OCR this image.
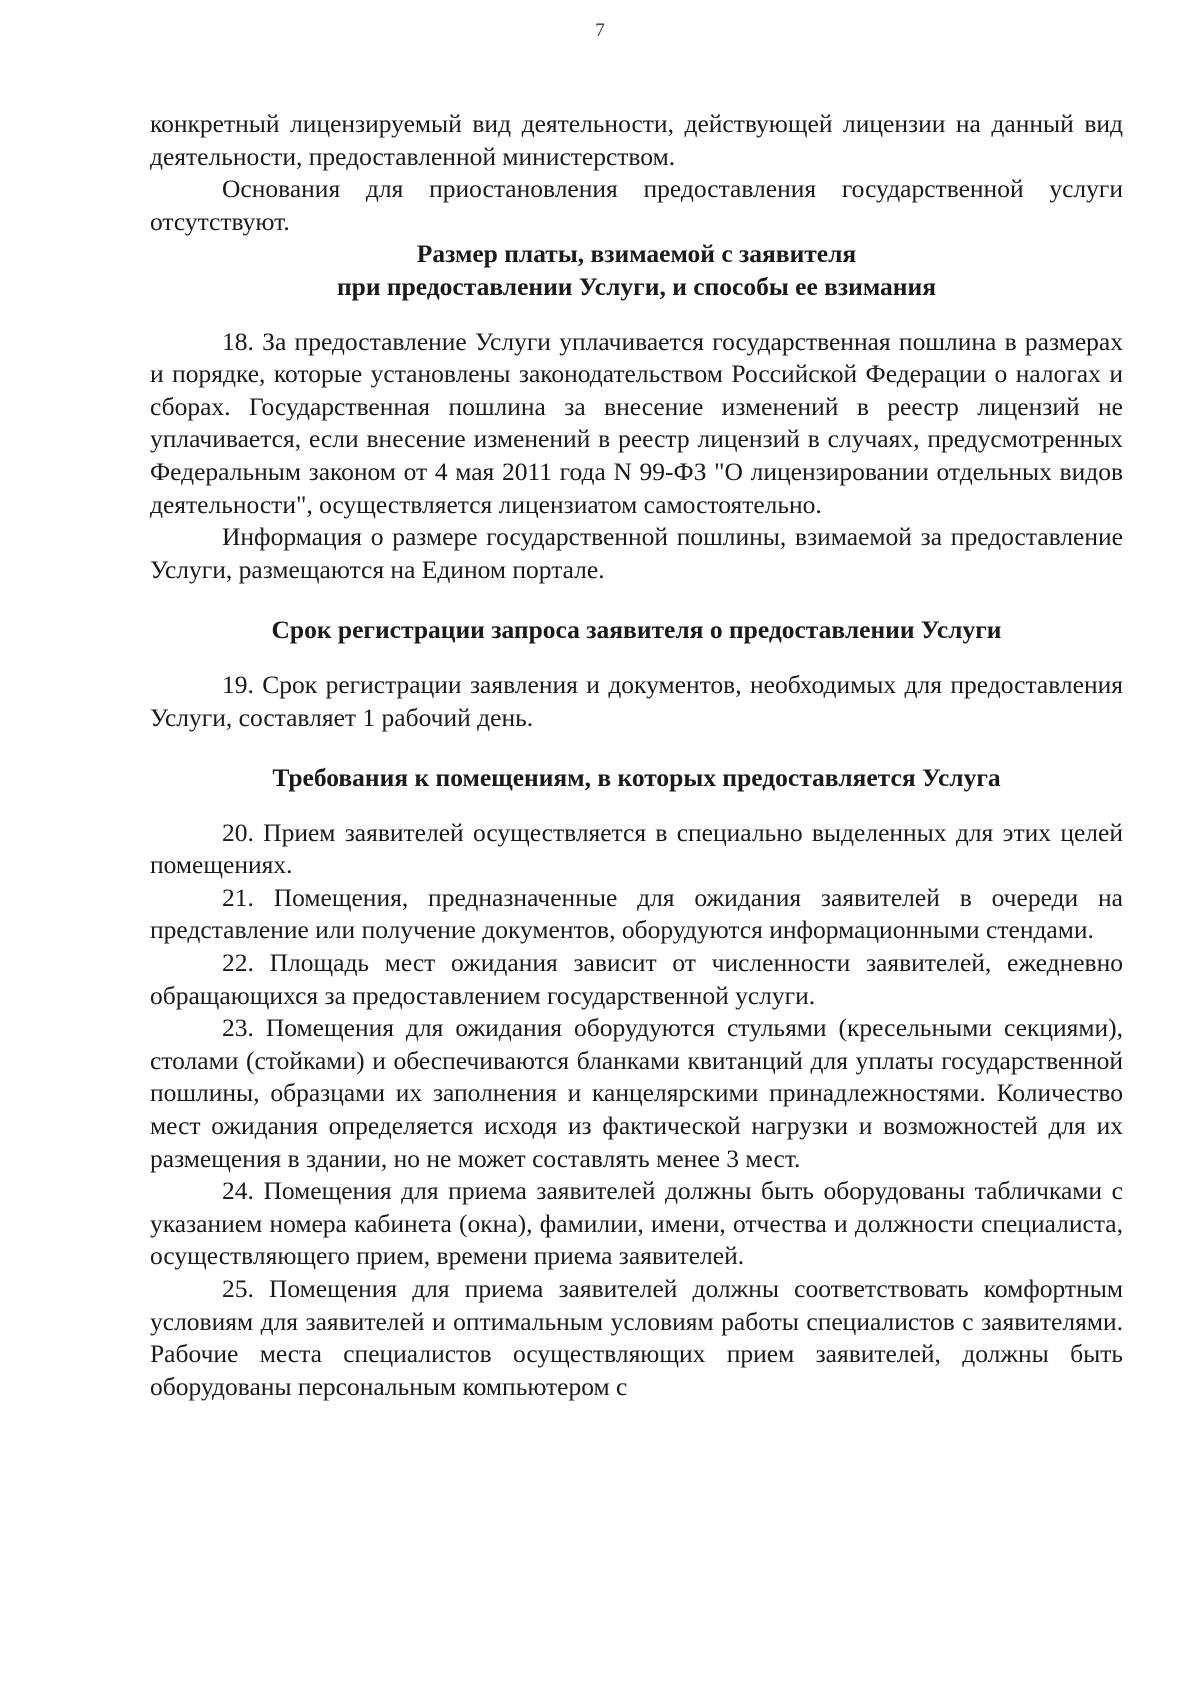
7

конкретный лицензируемый вид деятельности, действующей лицензии на данный вид деятельности, предоставленной министерством.

Основания для приостановления предоставления государственной услуги отсутствуют.

Размер платы, взимаемой с заявителя

при предоставлении Услуги, и способы ее взимания

18. За предоставление Услуги уплачивается государственная пошлина в размерах и порядке, которые установлены законодательством Российской Федерации о налогах и сборах. Государственная пошлина за внесение изменений в реестр лицензий не уплачивается, если внесение изменений в реестр лицензий в случаях, предусмотренных Федеральным законом от 4 мая 2011 года N 99-ФЗ "О лицензировании отдельных видов деятельности", осуществляется лицензиатом самостоятельно.

Информация о размере государственной пошлины, взимаемой за предоставление Услуги, размещаются на Едином портале.

Срок регистрации запроса заявителя о предоставлении Услуги

19. Срок регистрации заявления и документов, необходимых для предоставления Услуги, составляет 1 рабочий день.

Требования к помещениям, в которых предоставляется Услуга

20. Прием заявителей осуществляется в специально выделенных для этих целей помещениях.

21. Помещения, предназначенные для ожидания заявителей в очереди на представление или получение документов, оборудуются информационными стендами.

22. Площадь мест ожидания зависит от численности заявителей, ежедневно обращающихся за предоставлением государственной услуги.

23. Помещения для ожидания оборудуются стульями (кресельными секциями), столами (стойками) и обеспечиваются бланками квитанций для уплаты государственной пошлины, образцами их заполнения и канцелярскими принадлежностями. Количество мест ожидания определяется исходя из фактической нагрузки и возможностей для их размещения в здании, но не может составлять менее 3 мест.

24. Помещения для приема заявителей должны быть оборудованы табличками с указанием номера кабинета (окна), фамилии, имени, отчества и должности специалиста, осуществляющего прием, времени приема заявителей.

25. Помещения для приема заявителей должны соответствовать комфортным условиям для заявителей и оптимальным условиям работы специалистов с заявителями. Рабочие места специалистов осуществляющих прием заявителей, должны быть оборудованы персональным компьютером с
